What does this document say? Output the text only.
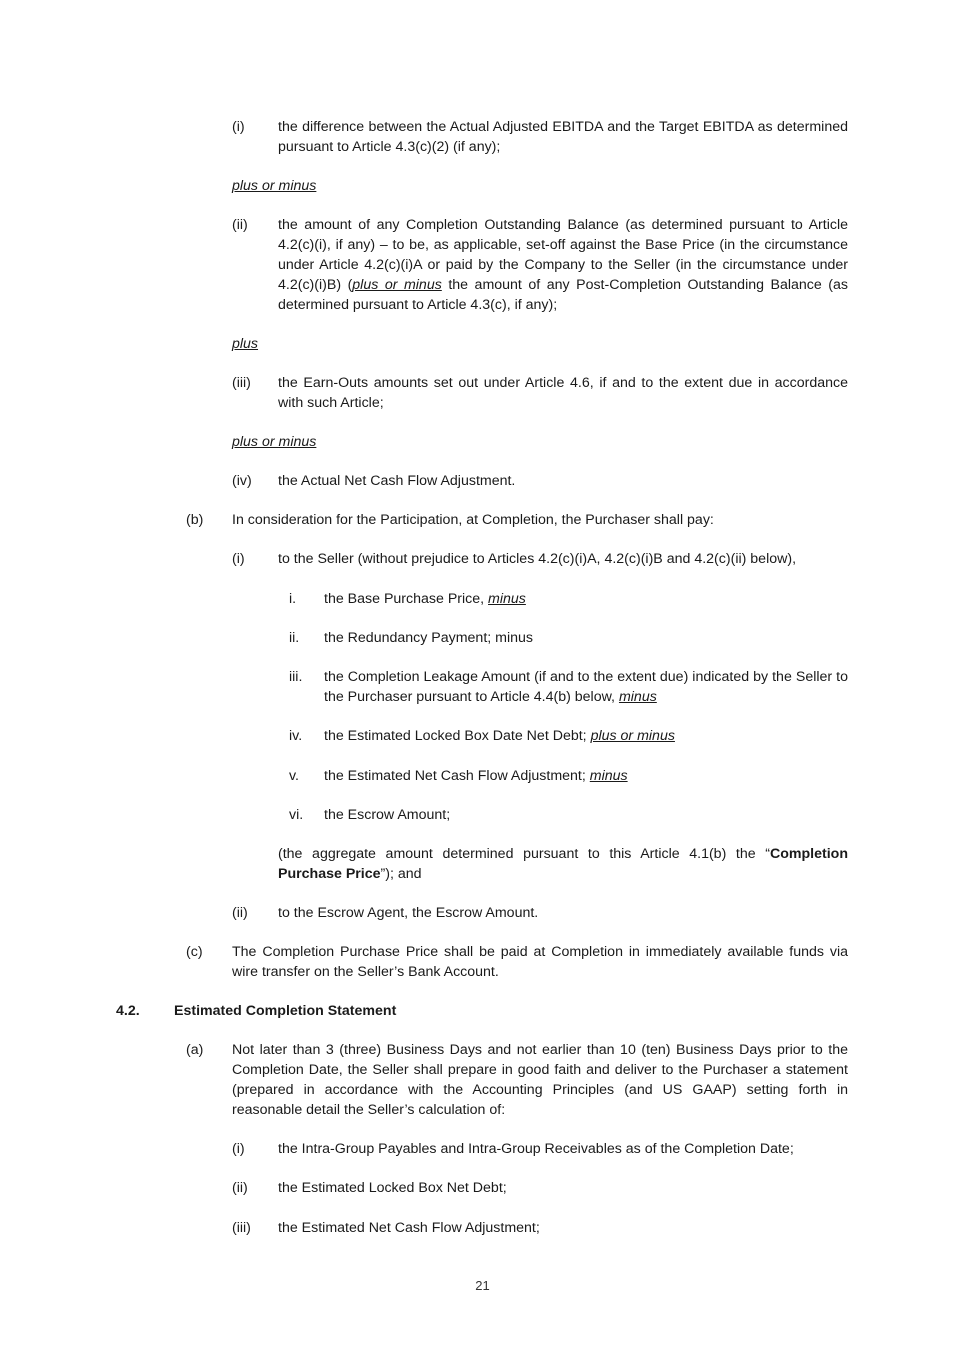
(i) the difference between the Actual Adjusted EBITDA and the Target EBITDA as determined pursuant to Article 4.3(c)(2) (if any);
plus or minus
(ii) the amount of any Completion Outstanding Balance (as determined pursuant to Article 4.2(c)(i), if any) – to be, as applicable, set-off against the Base Price (in the circumstance under Article 4.2(c)(i)A or paid by the Company to the Seller (in the circumstance under 4.2(c)(i)B) (plus or minus the amount of any Post-Completion Outstanding Balance (as determined pursuant to Article 4.3(c), if any);
plus
(iii) the Earn-Outs amounts set out under Article 4.6, if and to the extent due in accordance with such Article;
plus or minus
(iv) the Actual Net Cash Flow Adjustment.
(b) In consideration for the Participation, at Completion, the Purchaser shall pay:
(i) to the Seller (without prejudice to Articles 4.2(c)(i)A, 4.2(c)(i)B and 4.2(c)(ii) below),
i. the Base Purchase Price, minus
ii. the Redundancy Payment; minus
iii. the Completion Leakage Amount (if and to the extent due) indicated by the Seller to the Purchaser pursuant to Article 4.4(b) below, minus
iv. the Estimated Locked Box Date Net Debt; plus or minus
v. the Estimated Net Cash Flow Adjustment; minus
vi. the Escrow Amount;
(the aggregate amount determined pursuant to this Article 4.1(b) the “Completion Purchase Price”); and
(ii) to the Escrow Agent, the Escrow Amount.
(c) The Completion Purchase Price shall be paid at Completion in immediately available funds via wire transfer on the Seller’s Bank Account.
4.2. Estimated Completion Statement
(a) Not later than 3 (three) Business Days and not earlier than 10 (ten) Business Days prior to the Completion Date, the Seller shall prepare in good faith and deliver to the Purchaser a statement (prepared in accordance with the Accounting Principles (and US GAAP) setting forth in reasonable detail the Seller’s calculation of:
(i) the Intra-Group Payables and Intra-Group Receivables as of the Completion Date;
(ii) the Estimated Locked Box Net Debt;
(iii) the Estimated Net Cash Flow Adjustment;
21
